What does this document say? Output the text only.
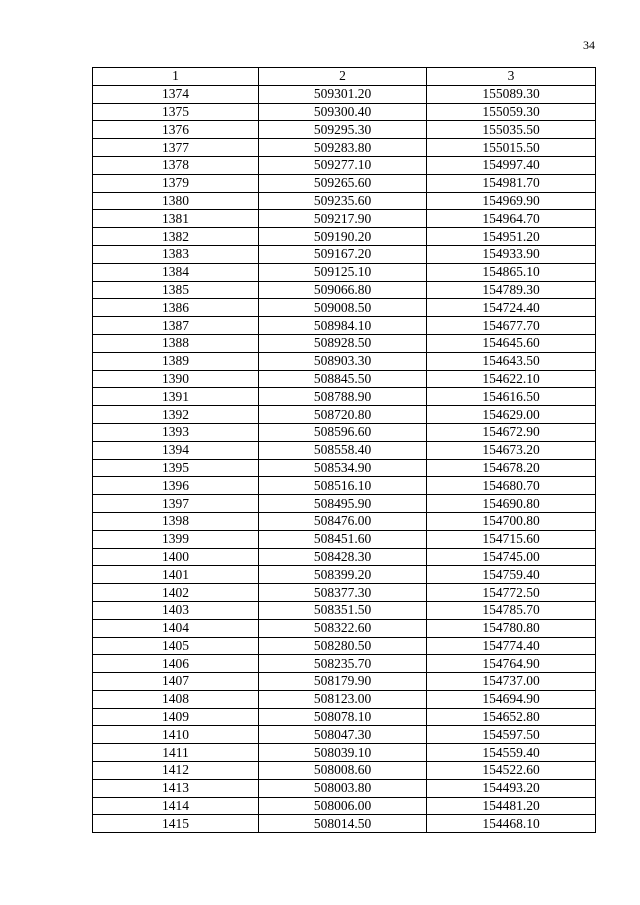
34
1	2	3
1374	509301.20	155089.30
1375	509300.40	155059.30
1376	509295.30	155035.50
1377	509283.80	155015.50
1378	509277.10	154997.40
1379	509265.60	154981.70
1380	509235.60	154969.90
1381	509217.90	154964.70
1382	509190.20	154951.20
1383	509167.20	154933.90
1384	509125.10	154865.10
1385	509066.80	154789.30
1386	509008.50	154724.40
1387	508984.10	154677.70
1388	508928.50	154645.60
1389	508903.30	154643.50
1390	508845.50	154622.10
1391	508788.90	154616.50
1392	508720.80	154629.00
1393	508596.60	154672.90
1394	508558.40	154673.20
1395	508534.90	154678.20
1396	508516.10	154680.70
1397	508495.90	154690.80
1398	508476.00	154700.80
1399	508451.60	154715.60
1400	508428.30	154745.00
1401	508399.20	154759.40
1402	508377.30	154772.50
1403	508351.50	154785.70
1404	508322.60	154780.80
1405	508280.50	154774.40
1406	508235.70	154764.90
1407	508179.90	154737.00
1408	508123.00	154694.90
1409	508078.10	154652.80
1410	508047.30	154597.50
1411	508039.10	154559.40
1412	508008.60	154522.60
1413	508003.80	154493.20
1414	508006.00	154481.20
1415	508014.50	154468.10
